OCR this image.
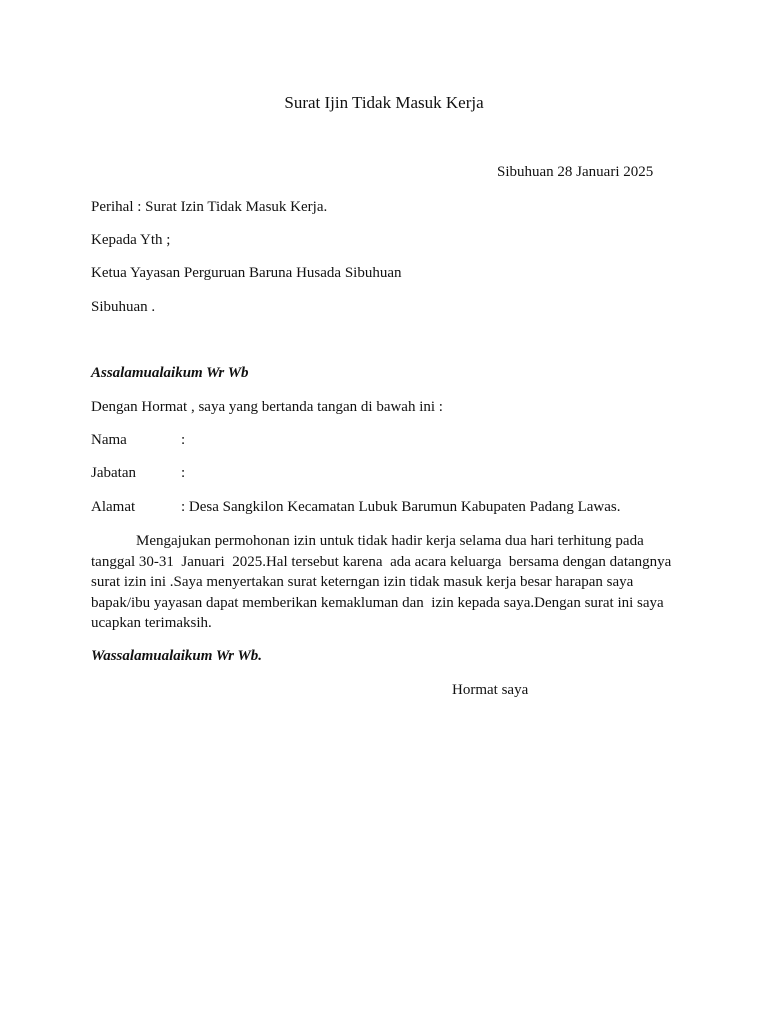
Surat Ijin Tidak Masuk Kerja
Sibuhuan 28 Januari 2025
Perihal : Surat Izin Tidak Masuk Kerja.
Kepada Yth ;
Ketua Yayasan Perguruan Baruna Husada Sibuhuan
Sibuhuan .
Assalamualaikum Wr Wb
Dengan Hormat , saya yang bertanda tangan di bawah ini :
Nama	:
Jabatan	:
Alamat	: Desa Sangkilon Kecamatan Lubuk Barumun Kabupaten Padang Lawas.
Mengajukan permohonan izin untuk tidak hadir kerja selama dua hari terhitung pada
tanggal 30-31  Januari  2025.Hal tersebut karena  ada acara keluarga  bersama dengan datangnya
surat izin ini .Saya menyertakan surat keterngan izin tidak masuk kerja besar harapan saya
bapak/ibu yayasan dapat memberikan kemakluman dan  izin kepada saya.Dengan surat ini saya
ucapkan terimaksih.
Wassalamualaikum Wr Wb.
Hormat saya
